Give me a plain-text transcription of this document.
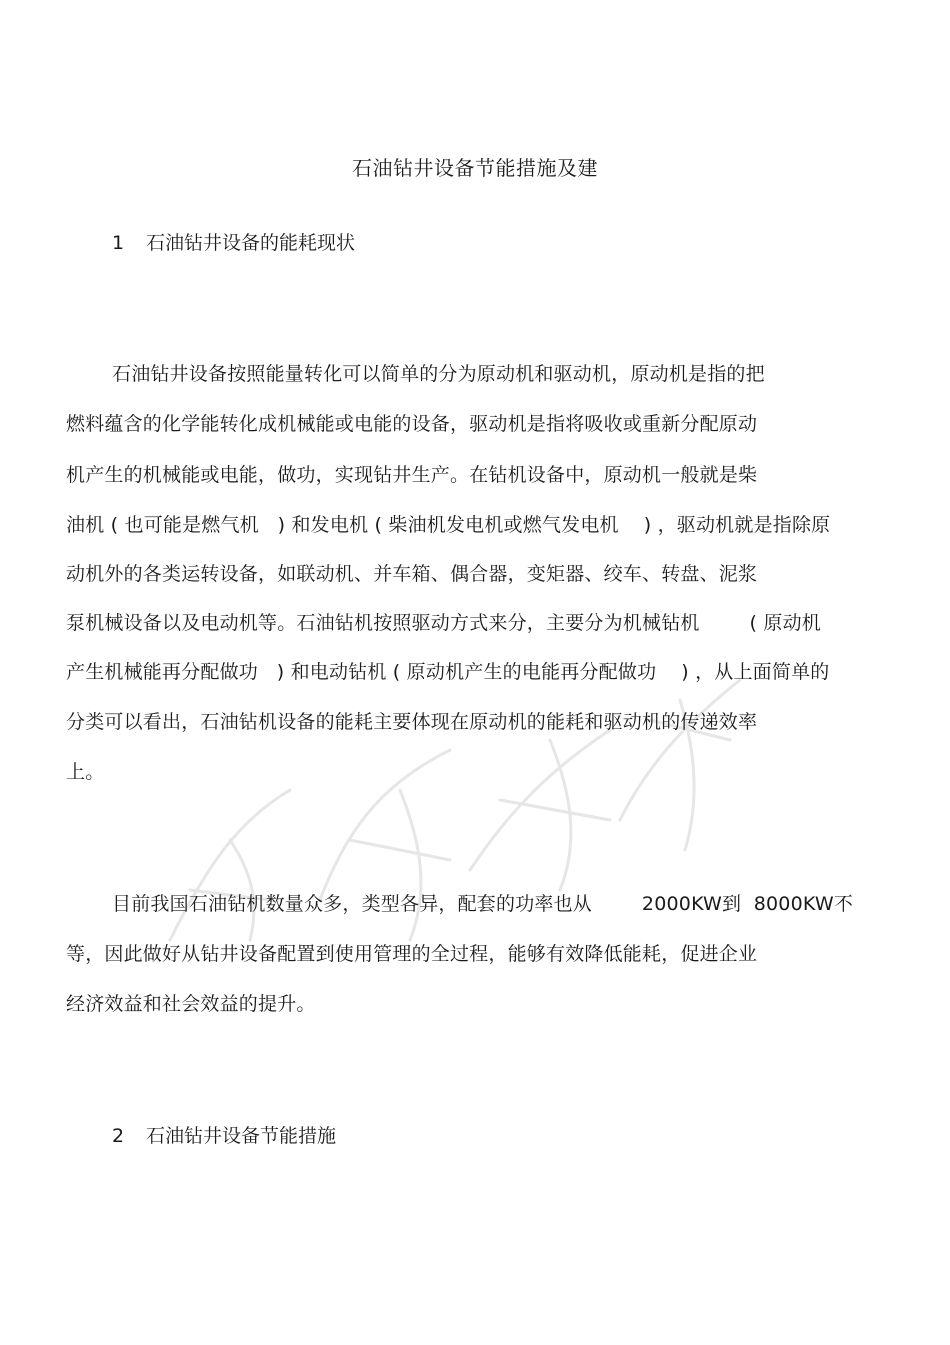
石油钻井设备节能措施及建
1 石油钻井设备的能耗现状
石油钻井设备按照能量转化可以简单的分为原动机和驱动机，原动机是指的把
燃料蕴含的化学能转化成机械能或电能的设备，驱动机是指将吸收或重新分配原动
机产生的机械能或电能，做功，实现钻井生产。在钻机设备中，原动机一般就是柴
油机 ( 也可能是燃气机   ) 和发电机 ( 柴油机发电机或燃气发电机    ) ，驱动机就是指除原
动机外的各类运转设备，如联动机、并车箱、偶合器，变矩器、绞车、转盘、泥浆
泵机械设备以及电动机等。石油钻机按照驱动方式来分，主要分为机械钻机        ( 原动机
产生机械能再分配做功   ) 和电动钻机 ( 原动机产生的电能再分配做功    ) ，从上面简单的
分类可以看出，石油钻机设备的能耗主要体现在原动机的能耗和驱动机的传递效率
上。
目前我国石油钻机数量众多，类型各异，配套的功率也从        2000KW到  8000KW不
等，因此做好从钻井设备配置到使用管理的全过程，能够有效降低能耗，促进企业
经济效益和社会效益的提升。
2 石油钻井设备节能措施
